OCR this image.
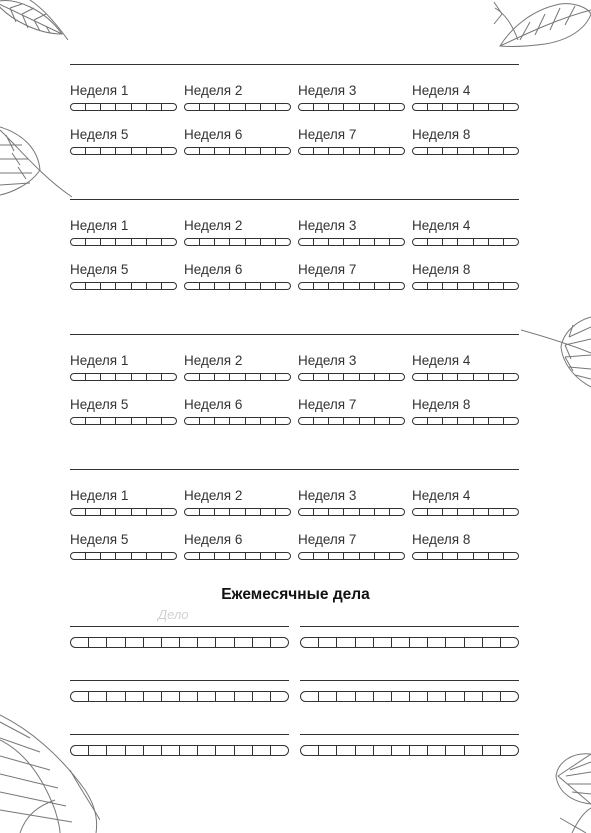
Неделя 1	Неделя 2	Неделя 3	Неделя 4
Неделя 5	Неделя 6	Неделя 7	Неделя 8
Неделя 1	Неделя 2	Неделя 3	Неделя 4
Неделя 5	Неделя 6	Неделя 7	Неделя 8
Неделя 1	Неделя 2	Неделя 3	Неделя 4
Неделя 5	Неделя 6	Неделя 7	Неделя 8
Неделя 1	Неделя 2	Неделя 3	Неделя 4
Неделя 5	Неделя 6	Неделя 7	Неделя 8
Ежемесячные дела
Дело
